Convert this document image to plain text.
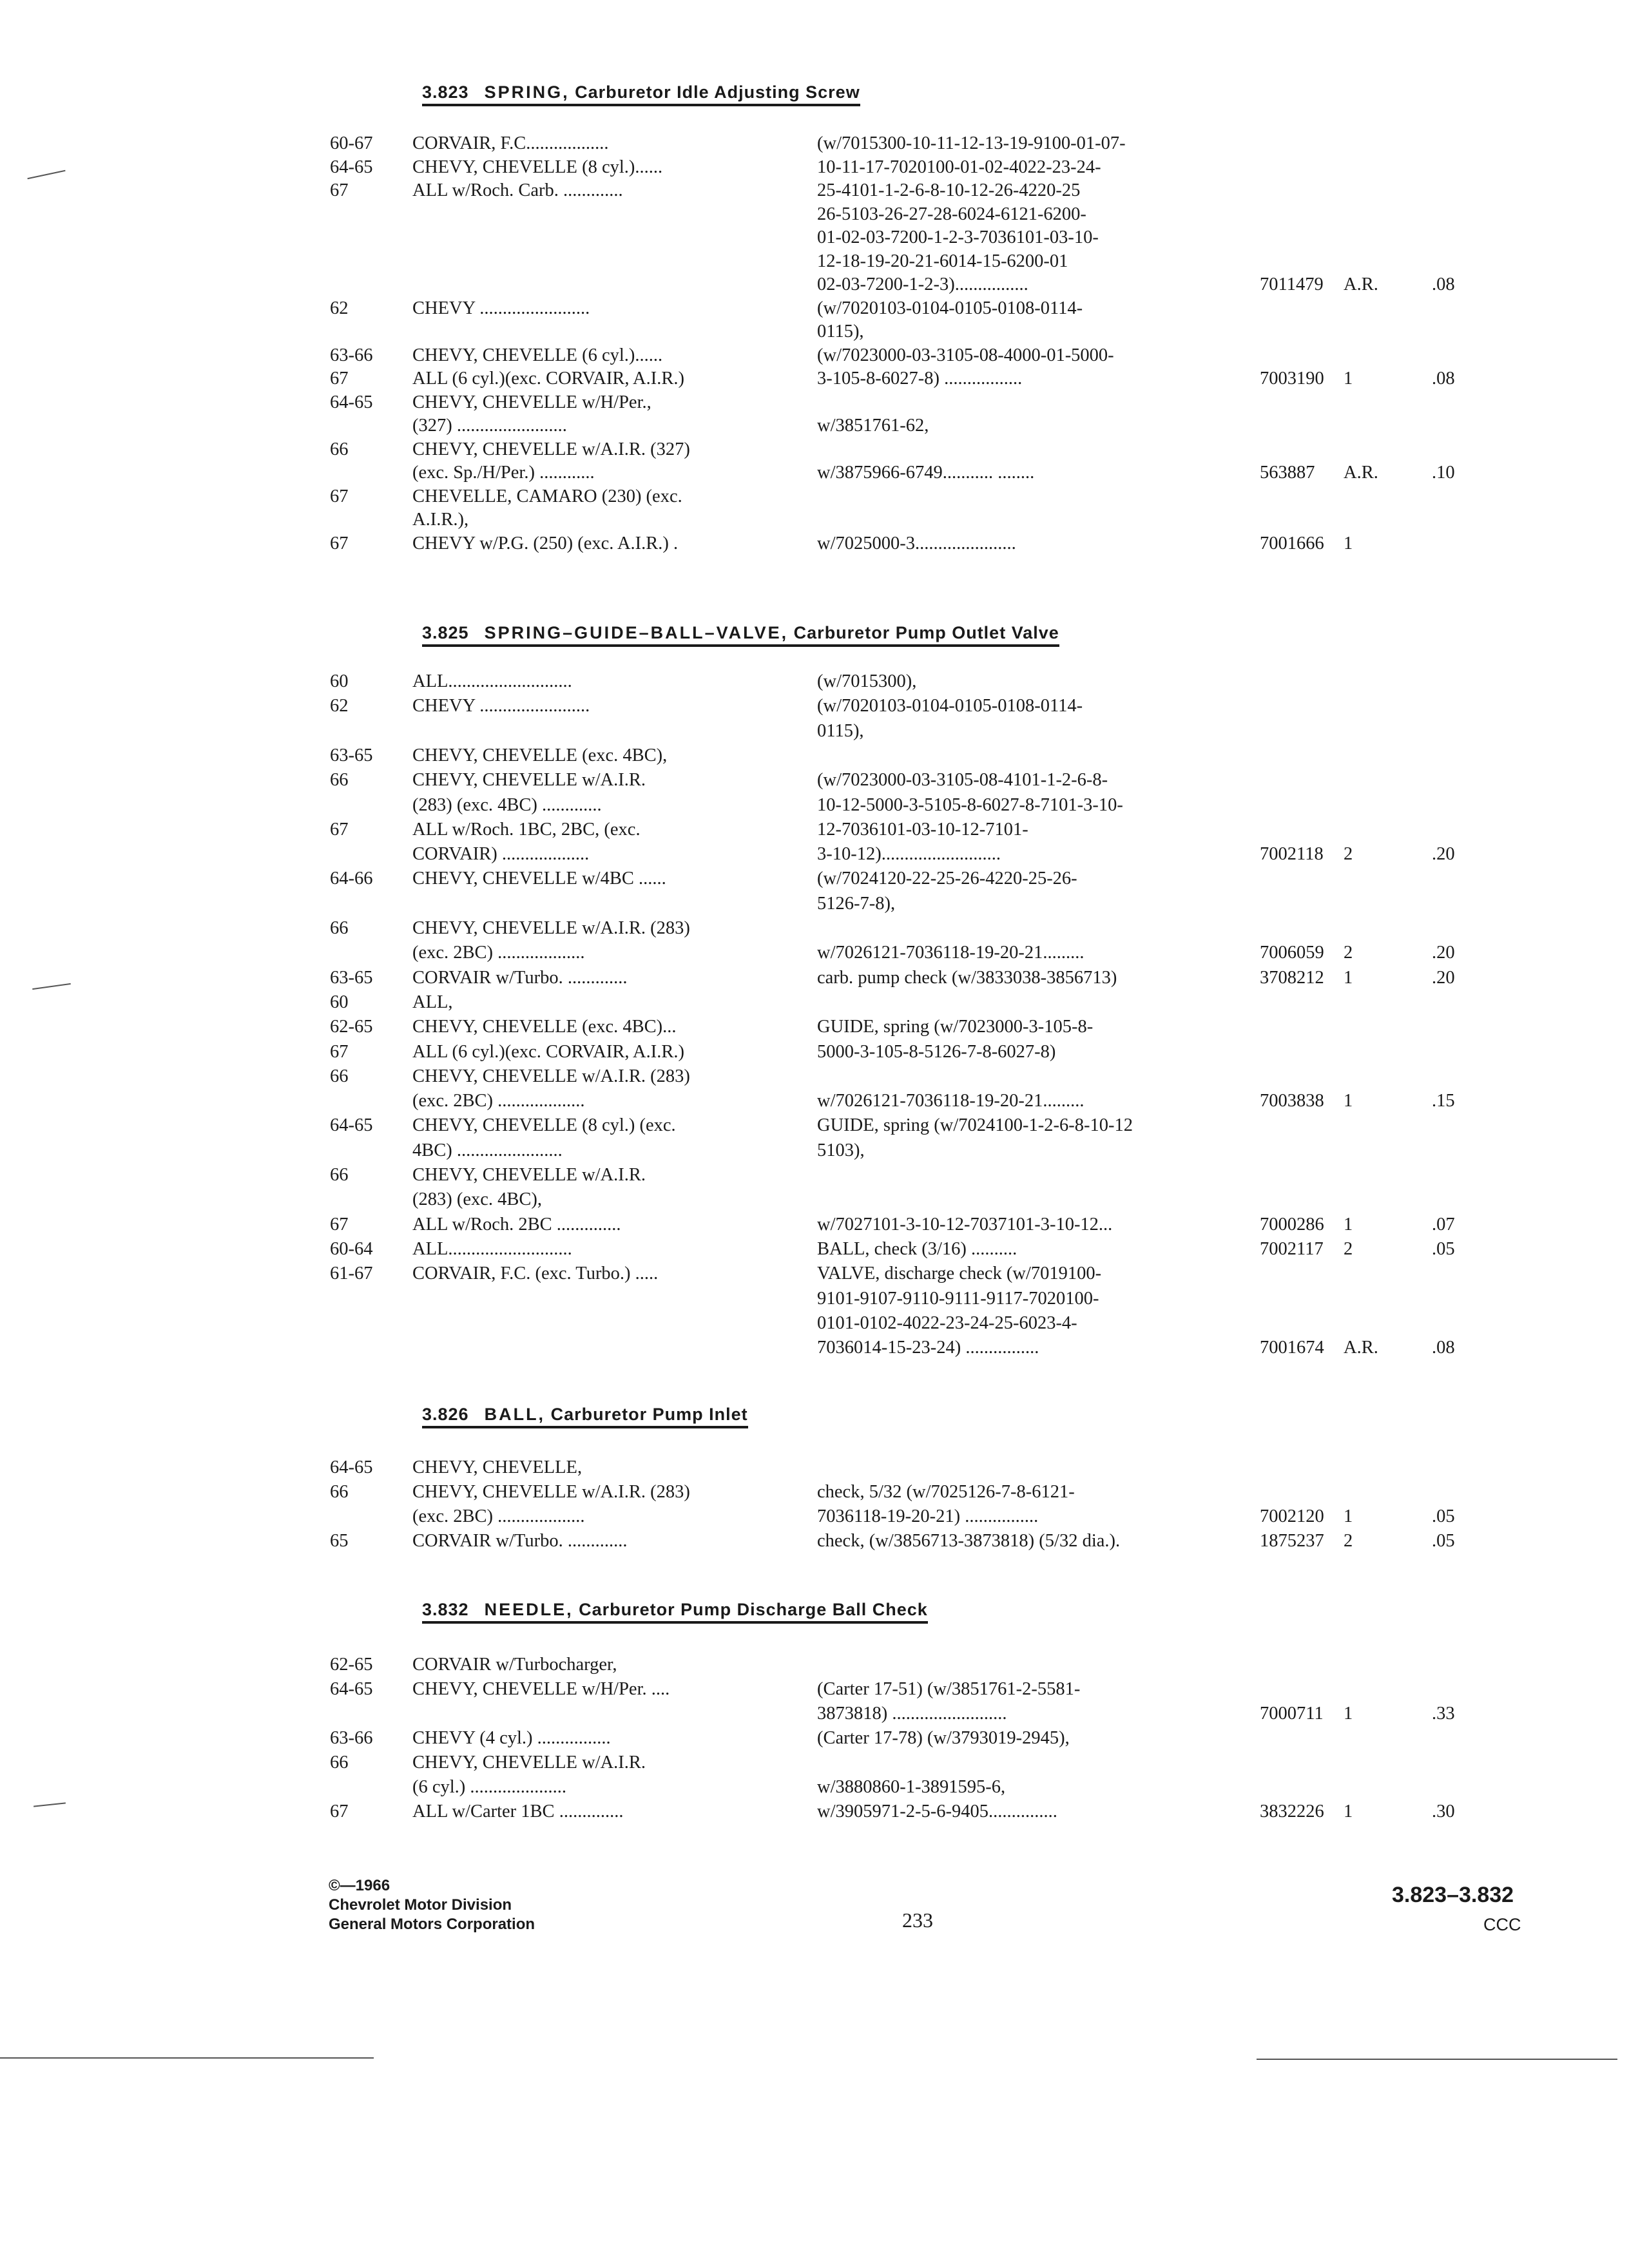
3.823 SPRING, Carburetor Idle Adjusting Screw
60-67 CORVAIR, F.C..................	(w/7015300-10-11-12-13-19-9100-01-07-
64-65 CHEVY, CHEVELLE (8 cyl.)......	10-11-17-7020100-01-02-4022-23-24-
67	ALL w/Roch. Carb. .............	25-4101-1-2-6-8-10-12-26-4220-25
26-5103-26-27-28-6024-6121-6200-
01-02-03-7200-1-2-3-7036101-03-10-
12-18-19-20-21-6014-15-6200-01
02-03-7200-1-2-3)................	7011479 A.R.	.08
62	CHEVY ........................	(w/7020103-0104-0105-0108-0114-
0115),
63-66 CHEVY, CHEVELLE (6 cyl.)......	(w/7023000-03-3105-08-4000-01-5000-
67	ALL (6 cyl.)(exc. CORVAIR, A.I.R.)	3-105-8-6027-8) .................	7003190 1	.08
64-65 CHEVY, CHEVELLE w/H/Per.,
(327) ........................	w/3851761-62,
66	CHEVY, CHEVELLE w/A.I.R. (327)
(exc. Sp./H/Per.) ............	w/3875966-6749........... ........	563887 A.R.	.10
67	CHEVELLE, CAMARO (230) (exc.
A.I.R.),
67	CHEVY w/P.G. (250) (exc. A.I.R.) .	w/7025000-3......................	7001666 1
3.825 SPRING–GUIDE–BALL–VALVE, Carburetor Pump Outlet Valve
60	ALL...........................	(w/7015300),
62	CHEVY ........................	(w/7020103-0104-0105-0108-0114-
0115),
63-65 CHEVY, CHEVELLE (exc. 4BC),
66	CHEVY, CHEVELLE w/A.I.R.	(w/7023000-03-3105-08-4101-1-2-6-8-
(283) (exc. 4BC) .............	10-12-5000-3-5105-8-6027-8-7101-3-10-
67	ALL w/Roch. 1BC, 2BC, (exc.	12-7036101-03-10-12-7101-
CORVAIR) ...................	3-10-12)..........................	7002118 2	.20
64-66 CHEVY, CHEVELLE w/4BC ......	(w/7024120-22-25-26-4220-25-26-
5126-7-8),
66	CHEVY, CHEVELLE w/A.I.R. (283)
(exc. 2BC) ...................	w/7026121-7036118-19-20-21.........	7006059 2	.20
63-65 CORVAIR w/Turbo. .............	carb. pump check (w/3833038-3856713)	3708212 1	.20
60	ALL,
62-65 CHEVY, CHEVELLE (exc. 4BC)...	GUIDE, spring (w/7023000-3-105-8-
67	ALL (6 cyl.)(exc. CORVAIR, A.I.R.)	5000-3-105-8-5126-7-8-6027-8)
66	CHEVY, CHEVELLE w/A.I.R. (283)
(exc. 2BC) ...................	w/7026121-7036118-19-20-21.........	7003838 1	.15
64-65 CHEVY, CHEVELLE (8 cyl.) (exc.	GUIDE, spring (w/7024100-1-2-6-8-10-12
4BC) .......................	5103),
66	CHEVY, CHEVELLE w/A.I.R.
(283) (exc. 4BC),
67	ALL w/Roch. 2BC ..............	w/7027101-3-10-12-7037101-3-10-12...	7000286 1	.07
60-64 ALL...........................	BALL, check (3/16) ..........	7002117 2	.05
61-67 CORVAIR, F.C. (exc. Turbo.) .....	VALVE, discharge check (w/7019100-
9101-9107-9110-9111-9117-7020100-
0101-0102-4022-23-24-25-6023-4-
7036014-15-23-24) ................	7001674 A.R.	.08
3.826 BALL, Carburetor Pump Inlet
64-65 CHEVY, CHEVELLE,
66	CHEVY, CHEVELLE w/A.I.R. (283)	check, 5/32 (w/7025126-7-8-6121-
(exc. 2BC) ...................	7036118-19-20-21) ................	7002120 1	.05
65	CORVAIR w/Turbo. .............	check, (w/3856713-3873818) (5/32 dia.).	1875237 2	.05
3.832 NEEDLE, Carburetor Pump Discharge Ball Check
62-65 CORVAIR w/Turbocharger,
64-65 CHEVY, CHEVELLE w/H/Per. ....	(Carter 17-51) (w/3851761-2-5581-
3873818) .........................	7000711 1	.33
63-66 CHEVY (4 cyl.) ................	(Carter 17-78) (w/3793019-2945),
66	CHEVY, CHEVELLE w/A.I.R.
(6 cyl.) .....................	w/3880860-1-3891595-6,
67	ALL w/Carter 1BC ..............	w/3905971-2-5-6-9405...............	3832226 1	.30
©—1966
Chevrolet Motor Division
General Motors Corporation	233
3.823–3.832
CCC
